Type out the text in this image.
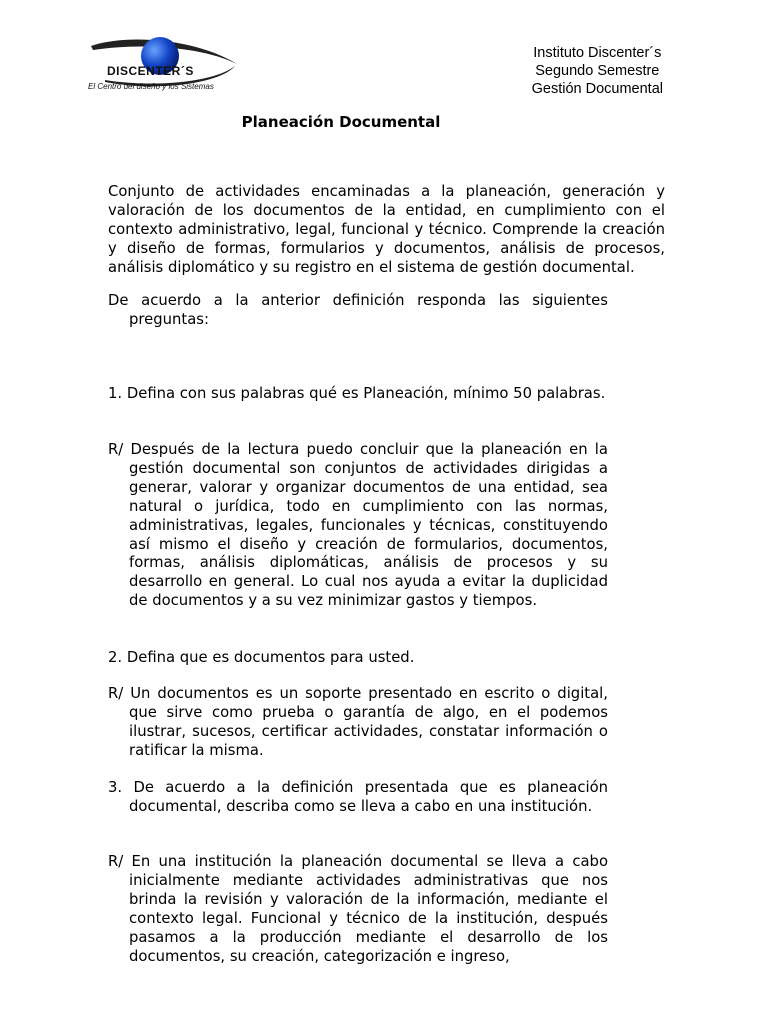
DISCENTER´S
El Centro del diseño y los Sistemas
Instituto Discenter´s
Segundo Semestre
Gestión Documental
Planeación Documental
Conjunto de actividades encaminadas a la planeación, generación y valoración de los documentos de la entidad, en cumplimiento con el contexto administrativo, legal, funcional y técnico. Comprende la creación y diseño de formas, formularios y documentos, análisis de procesos, análisis diplomático y su registro en el sistema de gestión documental.
De acuerdo a la anterior definición responda las siguientes preguntas:
1. Defina con sus palabras qué es Planeación, mínimo 50 palabras.
R/ Después de la lectura puedo concluir que la planeación en la gestión documental son conjuntos de actividades dirigidas a generar, valorar y organizar documentos de una entidad, sea natural o jurídica, todo en cumplimiento con las normas, administrativas, legales, funcionales y técnicas, constituyendo así mismo el diseño y creación de formularios, documentos, formas, análisis diplomáticas, análisis de procesos y su desarrollo en general. Lo cual nos ayuda a evitar la duplicidad de documentos y a su vez minimizar gastos y tiempos.
2. Defina que es documentos para usted.
R/ Un documentos es un soporte presentado en escrito o digital, que sirve como prueba o garantía de algo, en el podemos ilustrar, sucesos, certificar actividades, constatar información o ratificar la misma.
3. De acuerdo a la definición presentada que es planeación documental, describa como se lleva a cabo en una institución.
R/ En una institución la planeación documental se lleva a cabo inicialmente mediante actividades administrativas que nos brinda la revisión y valoración de la información, mediante el contexto legal. Funcional y técnico de la institución, después pasamos a la producción mediante el desarrollo de los documentos, su creación, categorización e ingreso,
